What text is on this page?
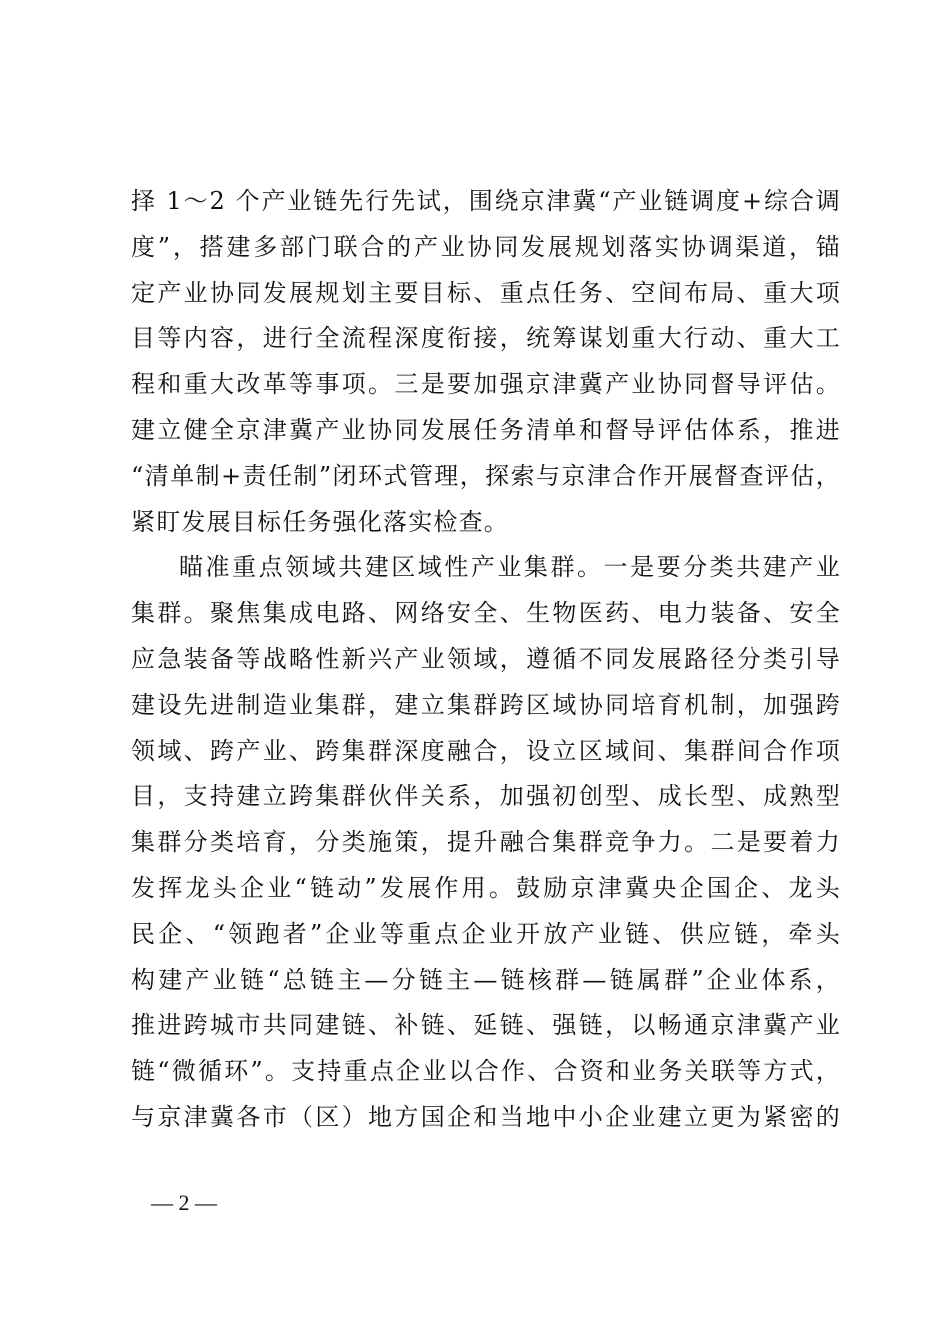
择 1～2 个产业链先行先试，围绕京津冀“产业链调度+综合调
度”，搭建多部门联合的产业协同发展规划落实协调渠道，锚
定产业协同发展规划主要目标、重点任务、空间布局、重大项
目等内容，进行全流程深度衔接，统筹谋划重大行动、重大工
程和重大改革等事项。三是要加强京津冀产业协同督导评估。
建立健全京津冀产业协同发展任务清单和督导评估体系，推进
“清单制+责任制”闭环式管理，探索与京津合作开展督查评估，
紧盯发展目标任务强化落实检查。
瞄准重点领域共建区域性产业集群。一是要分类共建产业
集群。聚焦集成电路、网络安全、生物医药、电力装备、安全
应急装备等战略性新兴产业领域，遵循不同发展路径分类引导
建设先进制造业集群，建立集群跨区域协同培育机制，加强跨
领域、跨产业、跨集群深度融合，设立区域间、集群间合作项
目，支持建立跨集群伙伴关系，加强初创型、成长型、成熟型
集群分类培育，分类施策，提升融合集群竞争力。二是要着力
发挥龙头企业“链动”发展作用。鼓励京津冀央企国企、龙头
民企、“领跑者”企业等重点企业开放产业链、供应链，牵头
构建产业链“总链主—分链主—链核群—链属群”企业体系，
推进跨城市共同建链、补链、延链、强链，以畅通京津冀产业
链“微循环”。支持重点企业以合作、合资和业务关联等方式，
与京津冀各市（区）地方国企和当地中小企业建立更为紧密的
— 2 —
